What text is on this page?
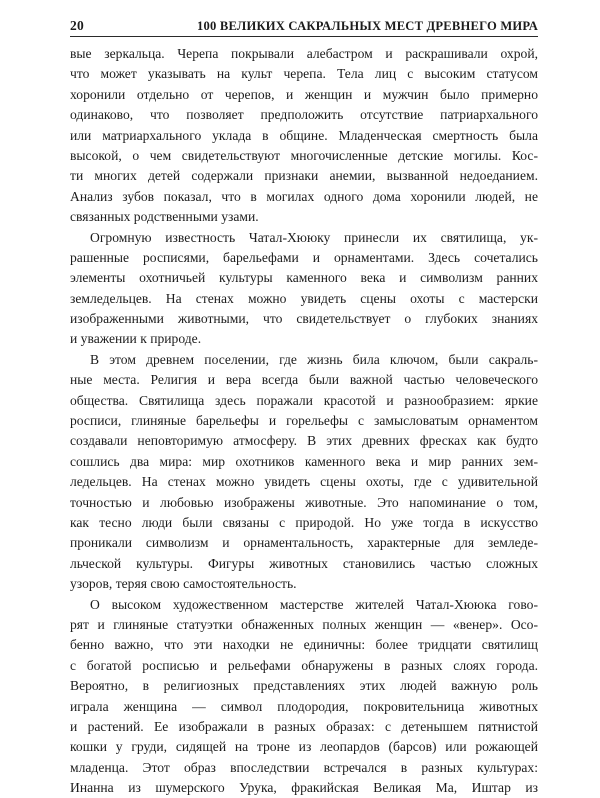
20	100 ВЕЛИКИХ САКРАЛЬНЫХ МЕСТ ДРЕВНЕГО МИРА
вые зеркальца. Черепа покрывали алебастром и раскрашивали охрой,
что может указывать на культ черепа. Тела лиц с высоким статусом
хоронили отдельно от черепов, и женщин и мужчин было примерно
одинаково, что позволяет предположить отсутствие патриархального
или матриархального уклада в общине. Младенческая смертность была
высокой, о чем свидетельствуют многочисленные детские могилы. Кос-
ти многих детей содержали признаки анемии, вызванной недоеданием.
Анализ зубов показал, что в могилах одного дома хоронили людей, не
связанных родственными узами.
Огромную известность Чатал-Хююку принесли их святилища, ук-
рашенные росписями, барельефами и орнаментами. Здесь сочетались
элементы охотничьей культуры каменного века и символизм ранних
земледельцев. На стенах можно увидеть сцены охоты с мастерски
изображенными животными, что свидетельствует о глубоких знаниях
и уважении к природе.
В этом древнем поселении, где жизнь била ключом, были сакраль-
ные места. Религия и вера всегда были важной частью человеческого
общества. Святилища здесь поражали красотой и разнообразием: яркие
росписи, глиняные барельефы и горельефы с замысловатым орнаментом
создавали неповторимую атмосферу. В этих древних фресках как будто
сошлись два мира: мир охотников каменного века и мир ранних зем-
ледельцев. На стенах можно увидеть сцены охоты, где с удивительной
точностью и любовью изображены животные. Это напоминание о том,
как тесно люди были связаны с природой. Но уже тогда в искусство
проникали символизм и орнаментальность, характерные для земледе-
льческой культуры. Фигуры животных становились частью сложных
узоров, теряя свою самостоятельность.
О высоком художественном мастерстве жителей Чатал-Хююка гово-
рят и глиняные статуэтки обнаженных полных женщин — «венер». Осо-
бенно важно, что эти находки не единичны: более тридцати святилищ
с богатой росписью и рельефами обнаружены в разных слоях города.
Вероятно, в религиозных представлениях этих людей важную роль
играла женщина — символ плодородия, покровительница животных
и растений. Ее изображали в разных образах: с детенышем пятнистой
кошки у груди, сидящей на троне из леопардов (барсов) или рожающей
младенца. Этот образ впоследствии встречался в разных культурах:
Инанна из шумерского Урука, фракийская Великая Ма, Иштар из
